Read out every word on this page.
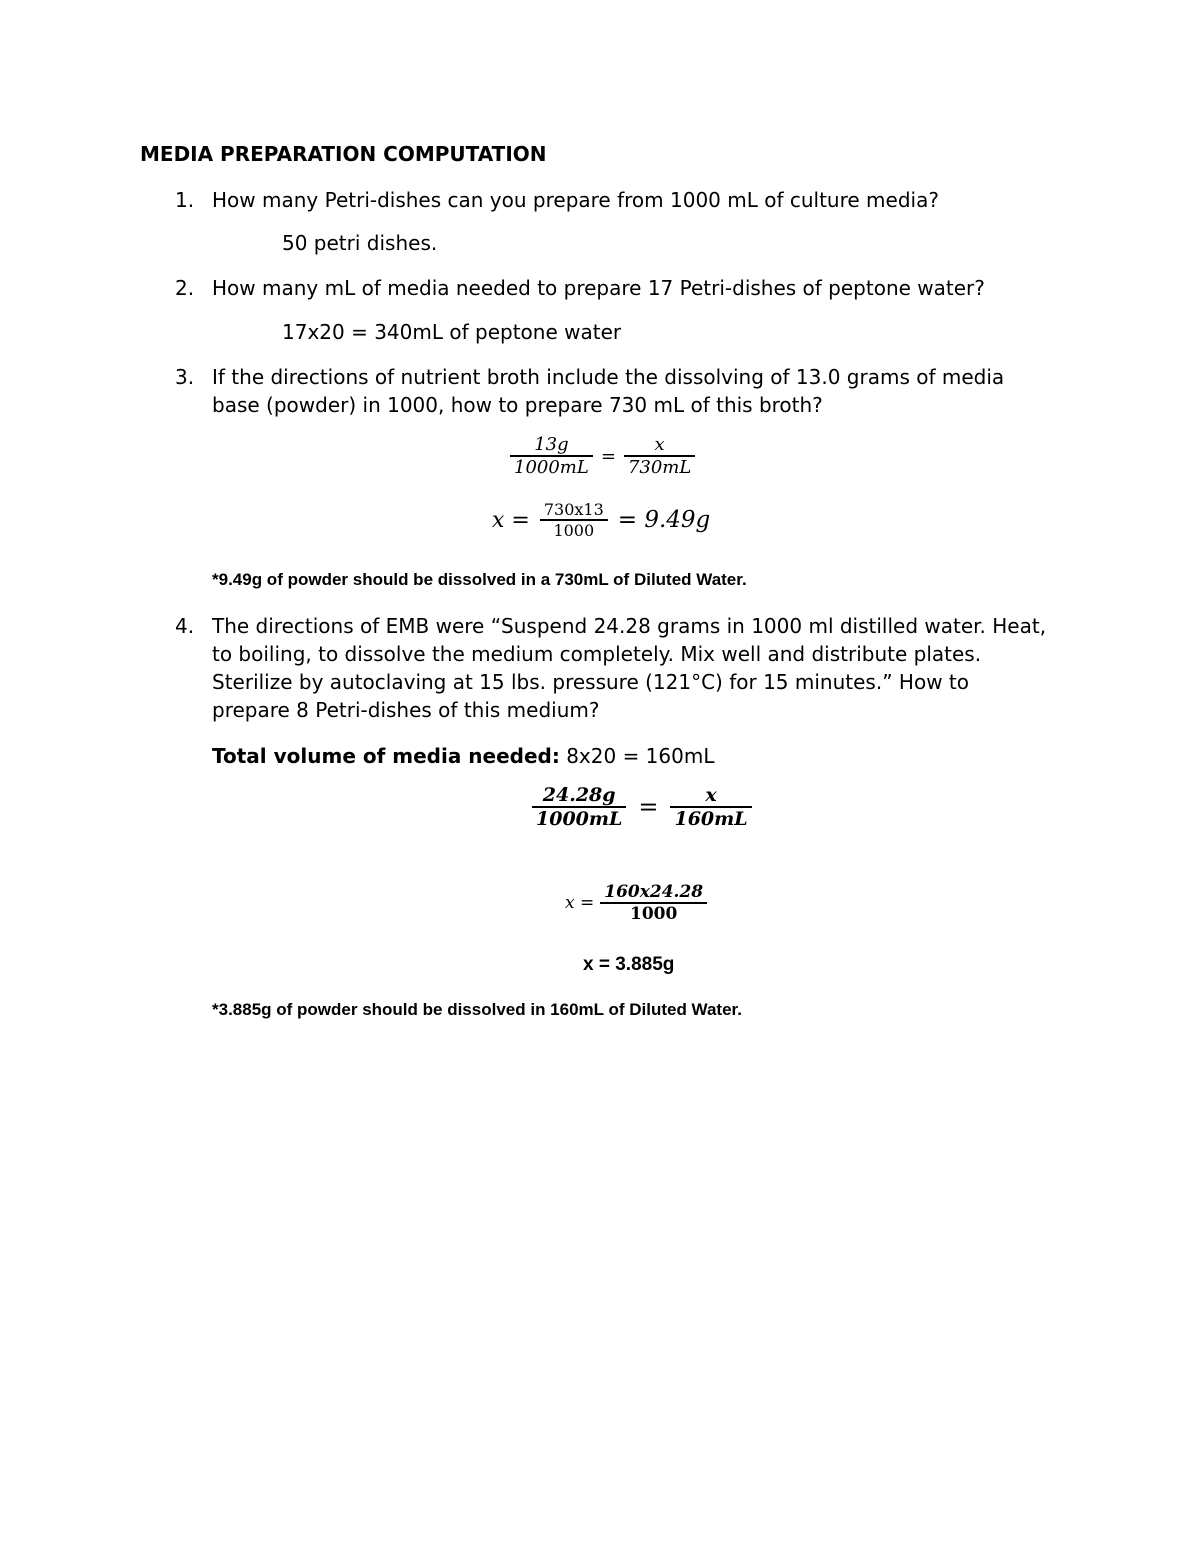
MEDIA PREPARATION COMPUTATION
1. How many Petri-dishes can you prepare from 1000 mL of culture media?
50 petri dishes.
2. How many mL of media needed to prepare 17 Petri-dishes of peptone water?
17x20 = 340mL of peptone water
3. If the directions of nutrient broth include the dissolving of 13.0 grams of media
base (powder) in 1000, how to prepare 730 mL of this broth?
$\frac{13g}{1000mL} = \frac{x}{730mL}$
$x = \frac{730x13}{1000} = 9.49g$
*9.49g of powder should be dissolved in a 730mL of Diluted Water.
4. The directions of EMB were “Suspend 24.28 grams in 1000 ml distilled water. Heat,
to boiling, to dissolve the medium completely. Mix well and distribute plates.
Sterilize by autoclaving at 15 lbs. pressure (121°C) for 15 minutes.” How to
prepare 8 Petri-dishes of this medium?
Total volume of media needed: 8x20 = 160mL
$\frac{24.28g}{1000mL} = \frac{x}{160mL}$
$x = \frac{160x24.28}{1000}$
x = 3.885g
*3.885g of powder should be dissolved in 160mL of Diluted Water.
